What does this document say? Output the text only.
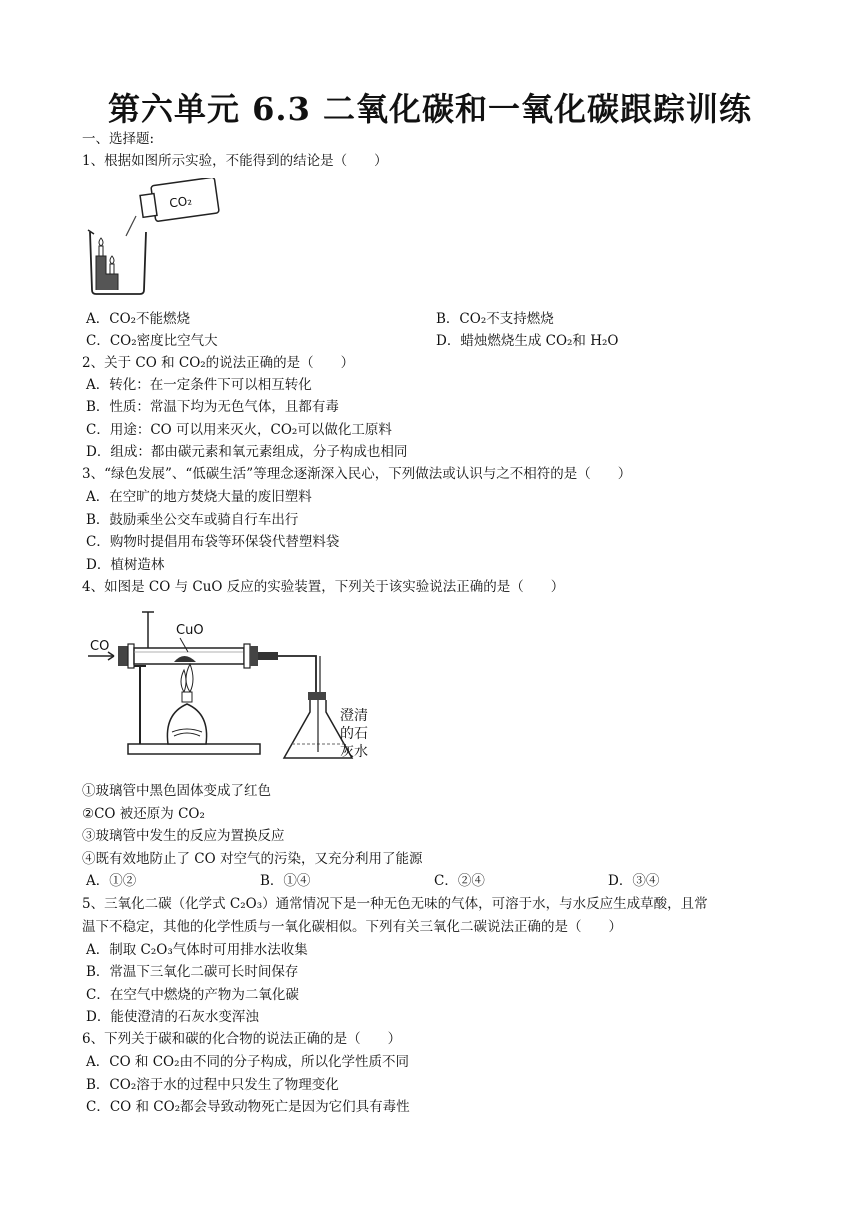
第六单元 6.3 二氧化碳和一氧化碳跟踪训练
一、选择题:
1、根据如图所示实验，不能得到的结论是（　　）
CO₂
A．CO₂不能燃烧	B．CO₂不支持燃烧
C．CO₂密度比空气大	D．蜡烛燃烧生成 CO₂和 H₂O
2、关于 CO 和 CO₂的说法正确的是（　　）
A．转化：在一定条件下可以相互转化
B．性质：常温下均为无色气体，且都有毒
C．用途：CO 可以用来灭火，CO₂可以做化工原料
D．组成：都由碳元素和氧元素组成，分子构成也相同
3、“绿色发展”、“低碳生活”等理念逐渐深入民心，下列做法或认识与之不相符的是（　　）
A．在空旷的地方焚烧大量的废旧塑料
B．鼓励乘坐公交车或骑自行车出行
C．购物时提倡用布袋等环保袋代替塑料袋
D．植树造林
4、如图是 CO 与 CuO 反应的实验装置，下列关于该实验说法正确的是（　　）
CO
CuO
澄清
的石
灰水
①玻璃管中黑色固体变成了红色
②CO 被还原为 CO₂
③玻璃管中发生的反应为置换反应
④既有效地防止了 CO 对空气的污染，又充分利用了能源
A．①②	B．①④	C．②④	D．③④
5、三氧化二碳（化学式 C₂O₃）通常情况下是一种无色无味的气体，可溶于水，与水反应生成草酸，且常
温下不稳定，其他的化学性质与一氧化碳相似。下列有关三氧化二碳说法正确的是（　　）
A．制取 C₂O₃气体时可用排水法收集
B．常温下三氧化二碳可长时间保存
C．在空气中燃烧的产物为二氧化碳
D．能使澄清的石灰水变浑浊
6、下列关于碳和碳的化合物的说法正确的是（　　）
A．CO 和 CO₂由不同的分子构成，所以化学性质不同
B．CO₂溶于水的过程中只发生了物理变化
C．CO 和 CO₂都会导致动物死亡是因为它们具有毒性
